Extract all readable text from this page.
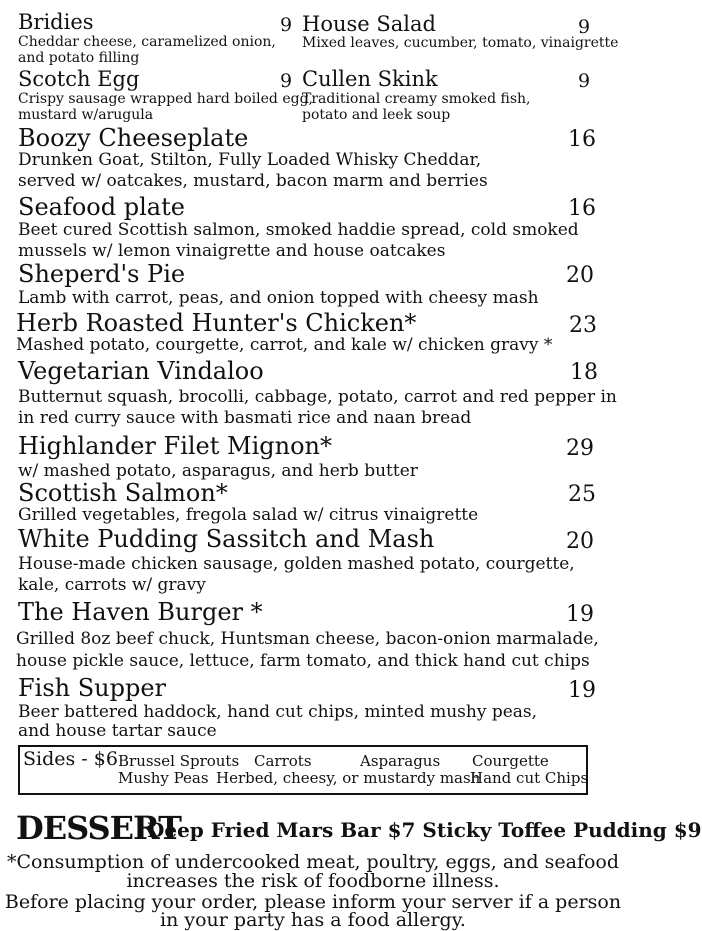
Bridies	9
Cheddar cheese, caramelized onion,
and potato filling
Scotch Egg	9
Crispy sausage wrapped hard boiled egg,
mustard w/arugula
House Salad	9
Mixed leaves, cucumber, tomato, vinaigrette
Cullen Skink	9
Traditional creamy smoked fish,
potato and leek soup
Boozy Cheeseplate	16
Drunken Goat, Stilton, Fully Loaded Whisky Cheddar,
served w/ oatcakes, mustard, bacon marm and berries
Seafood plate	16
Beet cured Scottish salmon, smoked haddie spread, cold smoked
mussels w/ lemon vinaigrette and house oatcakes
Sheperd's Pie	20
Lamb with carrot, peas, and onion topped with cheesy mash
Herb Roasted Hunter's Chicken*	23
Mashed potato, courgette, carrot, and kale w/ chicken gravy *
Vegetarian Vindaloo	18
Butternut squash, brocolli, cabbage, potato, carrot and red pepper in
in red curry sauce with basmati rice and naan bread
Highlander Filet Mignon*	29
w/ mashed potato, asparagus, and herb butter
Scottish Salmon*	25
Grilled vegetables, fregola salad w/ citrus vinaigrette
White Pudding Sassitch and Mash	20
House-made chicken sausage, golden mashed potato, courgette,
kale, carrots w/ gravy
The Haven Burger *	19
Grilled 8oz beef chuck, Huntsman cheese, bacon-onion marmalade,
house pickle sauce, lettuce, farm tomato, and thick hand cut chips
Fish Supper	19
Beer battered haddock, hand cut chips, minted mushy peas,
and house tartar sauce
Sides - $6 Brussel Sprouts Carrots	Asparagus Courgette
Mushy Peas Herbed, cheesy, or mustardy mash
Hand cut Chips
DESSERT
Deep Fried Mars Bar $7 Sticky Toffee Pudding $9
*Consumption of undercooked meat, poultry, eggs, and seafood
increases the risk of foodborne illness.
Before placing your order, please inform your server if a person
in your party has a food allergy.
